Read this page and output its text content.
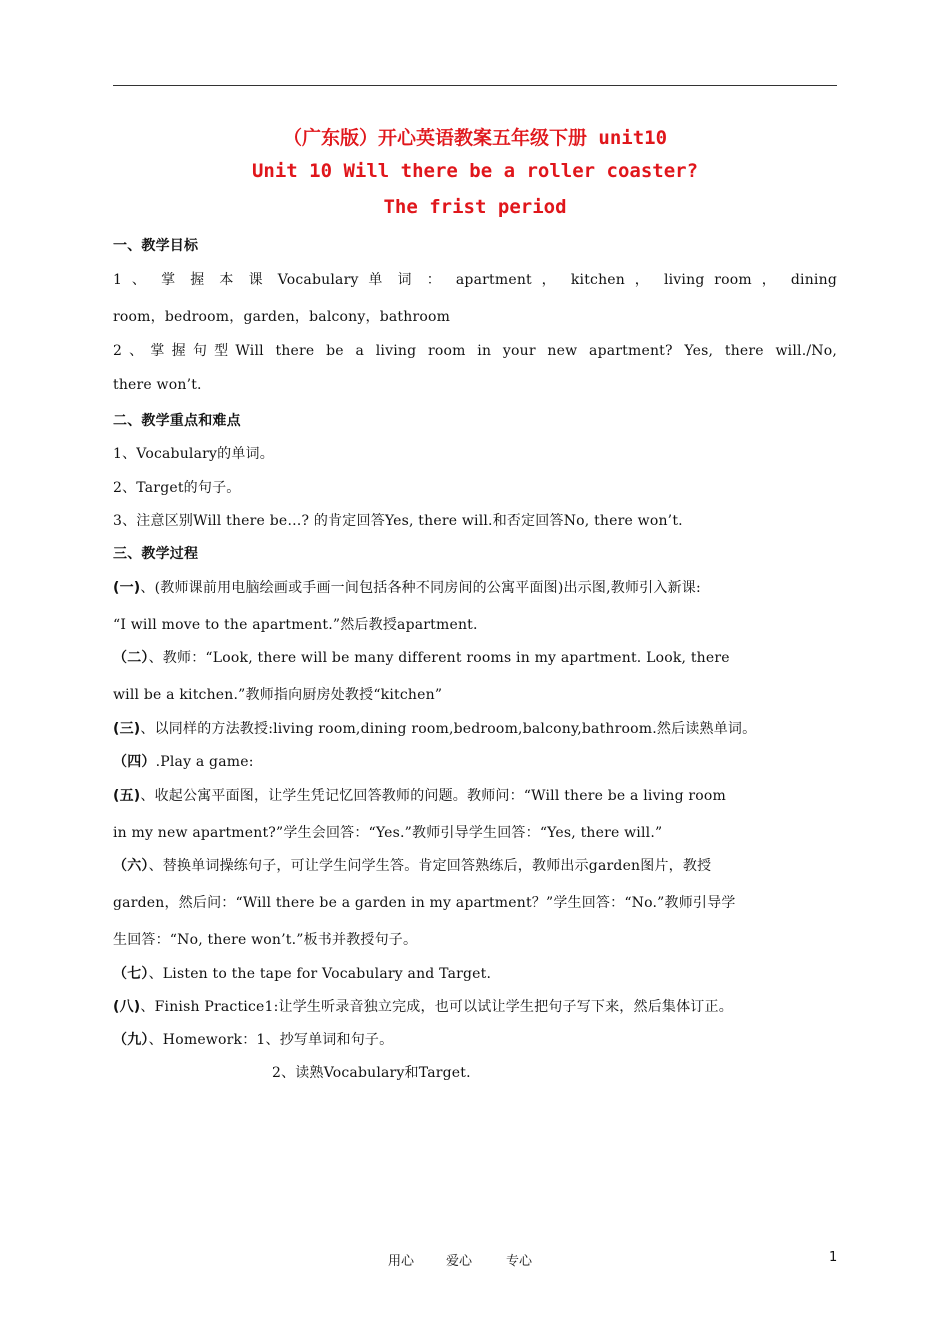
（广东版）开心英语教案五年级下册 unit10
Unit 10 Will there be a roller coaster?
The frist period
一、教学目标
1 、 掌 握 本 课 Vocabulary 单 词 ： apartment ， kitchen ， living room ， dining
room，bedroom，garden，balcony，bathroom
2、掌握句型Will there be a living room in your new apartment? Yes, there will./No,
there won’t.
二、教学重点和难点
1、Vocabulary的单词。
2、Target的句子。
3、注意区别Will there be…? 的肯定回答Yes, there will.和否定回答No, there won’t.
三、教学过程
(一)、(教师课前用电脑绘画或手画一间包括各种不同房间的公寓平面图)出示图,教师引入新课:
“I will move to the apartment.”然后教授apartment.
（二）、教师：“Look, there will be many different rooms in my apartment. Look, there
will be a kitchen.”教师指向厨房处教授“kitchen”
(三)、以同样的方法教授:living room,dining room,bedroom,balcony,bathroom.然后读熟单词。
（四）.Play a game:
(五)、收起公寓平面图，让学生凭记忆回答教师的问题。教师问：“Will there be a living room
in my new apartment?”学生会回答：“Yes.”教师引导学生回答：“Yes, there will.”
（六）、替换单词操练句子，可让学生问学生答。肯定回答熟练后，教师出示garden图片，教授
garden，然后问：“Will there be a garden in my apartment？”学生回答：“No.”教师引导学
生回答：“No, there won’t.”板书并教授句子。
（七）、Listen to the tape for Vocabulary and Target.
(八)、Finish Practice1:让学生听录音独立完成，也可以试让学生把句子写下来，然后集体订正。
（九）、Homework：1、抄写单词和句子。
2、读熟Vocabulary和Target.
用心 爱心	专心	1
